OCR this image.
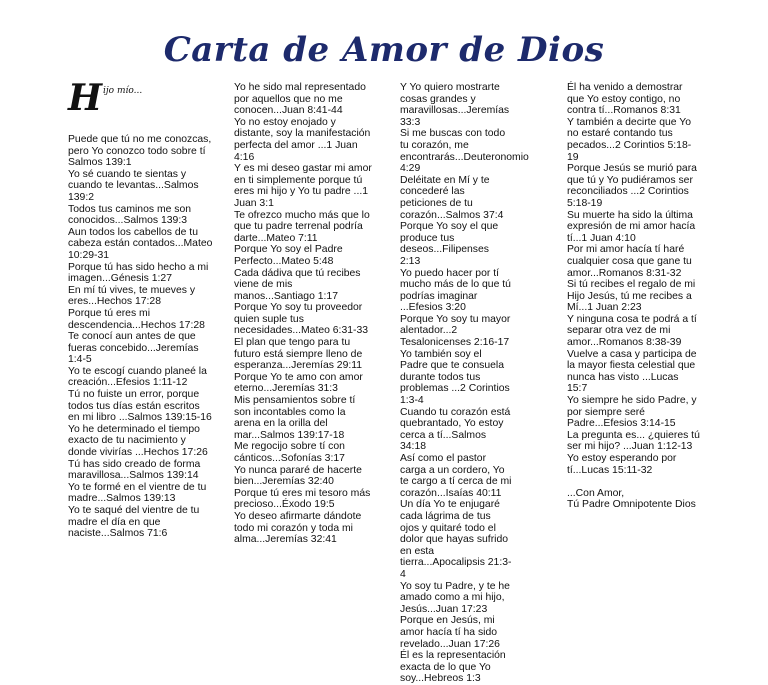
Carta de Amor de Dios
Hijo mío...

Puede que tú no me conozcas, pero Yo conozco todo sobre tí Salmos 139:1

Yo sé cuando te sientas y cuando te levantas...Salmos 139:2

Todos tus caminos me son conocidos...Salmos 139:3

Aun todos los cabellos de tu cabeza están contados...Mateo 10:29-31

Porque tú has sido hecho a mi imagen...Génesis 1:27

En mí tú vives, te mueves y eres...Hechos 17:28

Porque tú eres mi descendencia...Hechos 17:28

Te conocí aun antes de que fueras concebido...Jeremías 1:4-5

Yo te escogí cuando planeé la creación...Efesios 1:11-12

Tú no fuiste un error, porque todos tus días están escritos en mi libro ...Salmos 139:15-16

Yo he determinado el tiempo exacto de tu nacimiento y donde vivirías ...Hechos 17:26

Tú has sido creado de forma maravillosa...Salmos 139:14

Yo te formé en el vientre de tu madre...Salmos 139:13

Yo te saqué del vientre de tu madre el día en que naciste...Salmos 71:6

Yo he sido mal representado por aquellos que no me conocen...Juan 8:41-44

Yo no estoy enojado y distante, soy la manifestación perfecta del amor ...1 Juan 4:16

Y es mi deseo gastar mi amor en ti simplemente porque tú eres mi hijo y Yo tu padre ...1 Juan 3:1

Te ofrezco mucho más que lo que tu padre terrenal podría darte...Mateo 7:11

Porque Yo soy el Padre Perfecto...Mateo 5:48

Cada dádiva que tú recibes viene de mis manos...Santiago 1:17

Porque Yo soy tu proveedor quien suple tus necesidades...Mateo 6:31-33

El plan que tengo para tu futuro está siempre lleno de esperanza...Jeremías 29:11

Porque Yo te amo con amor eterno...Jeremías 31:3

Mis pensamientos sobre tí son incontables como la arena en la orilla del mar...Salmos 139:17-18

Me regocijo sobre tí con cánticos...Sofonías 3:17

Yo nunca pararé de hacerte bien...Jeremías 32:40

Porque tú eres mi tesoro más precioso...Éxodo 19:5

Yo deseo afirmarte dándote todo mi corazón y toda mi alma...Jeremías 32:41

Y Yo quiero mostrarte cosas grandes y maravillosas...Jeremías 33:3

Si me buscas con todo tu corazón, me encontrarás...Deuteronomio 4:29

Deléitate en Mí y te concederé las peticiones de tu corazón...Salmos 37:4

Porque Yo soy el que produce tus deseos...Filipenses 2:13

Yo puedo hacer por tí mucho más de lo que tú podrías imaginar ...Efesios 3:20

Porque Yo soy tu mayor alentador...2 Tesalonicenses 2:16-17

Yo también soy el Padre que te consuela durante todos tus problemas ...2 Corintios 1:3-4

Cuando tu corazón está quebrantado, Yo estoy cerca a tí...Salmos 34:18

Así como el pastor carga a un cordero, Yo te cargo a tí cerca de mi corazón...Isaías 40:11

Un día Yo te enjugaré cada lágrima de tus ojos y quitaré todo el dolor que hayas sufrido en esta tierra...Apocalipsis 21:3-4

Yo soy tu Padre, y te he amado como a mi hijo, Jesús...Juan 17:23

Porque en Jesús, mi amor hacía tí ha sido revelado...Juan 17:26

Él es la representación exacta de lo que Yo soy...Hebreos 1:3

Él ha venido a demostrar que Yo estoy contigo, no contra tí...Romanos 8:31

Y también a decirte que Yo no estaré contando tus pecados...2 Corintios 5:18-19

Porque Jesús se murió para que tú y Yo pudiéramos ser reconciliados ...2 Corintios 5:18-19

Su muerte ha sido la última expresión de mi amor hacía tí...1 Juan 4:10

Por mi amor hacía tí haré cualquier cosa que gane tu amor...Romanos 8:31-32

Si tú recibes el regalo de mi Hijo Jesús, tú me recibes a Mí...1 Juan 2:23

Y ninguna cosa te podrá a tí separar otra vez de mi amor...Romanos 8:38-39

Vuelve a casa y participa de la mayor fiesta celestial que nunca has visto ...Lucas 15:7

Yo siempre he sido Padre, y por siempre seré Padre...Efesios 3:14-15

La pregunta es... ¿quieres tú ser mi hijo? ...Juan 1:12-13

Yo estoy esperando por tí...Lucas 15:11-32

...Con Amor,

Tú Padre Omnipotente Dios
